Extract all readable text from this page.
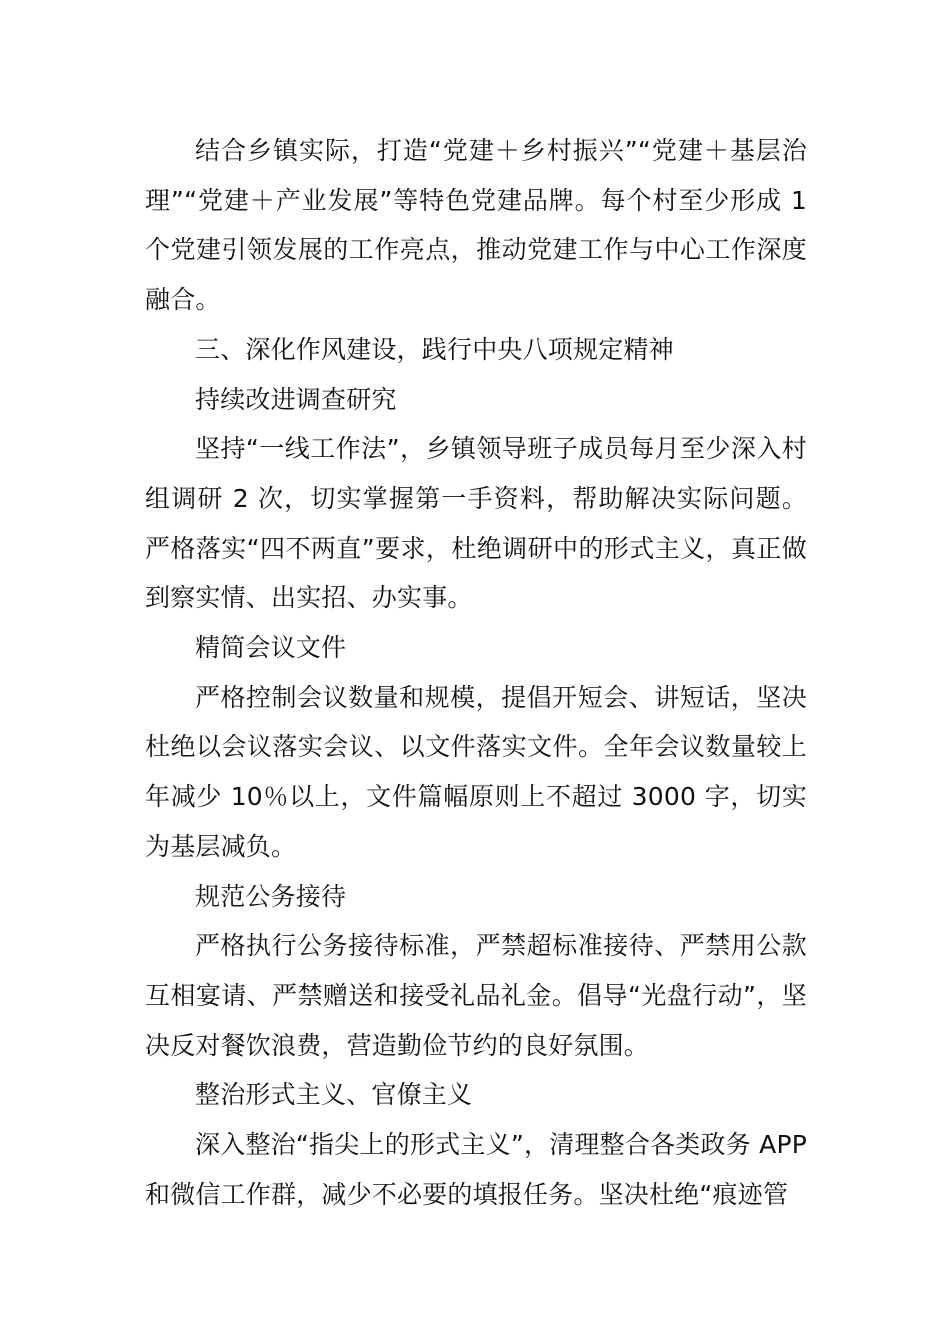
结合乡镇实际，打造“党建＋乡村振兴”“党建＋基层治理”“党建＋产业发展”等特色党建品牌。每个村至少形成 1 个党建引领发展的工作亮点，推动党建工作与中心工作深度融合。

三、深化作风建设，践行中央八项规定精神

持续改进调查研究

坚持“一线工作法”，乡镇领导班子成员每月至少深入村组调研 2 次，切实掌握第一手资料，帮助解决实际问题。严格落实“四不两直”要求，杜绝调研中的形式主义，真正做到察实情、出实招、办实事。

精简会议文件

严格控制会议数量和规模，提倡开短会、讲短话，坚决杜绝以会议落实会议、以文件落实文件。全年会议数量较上年减少 10％以上，文件篇幅原则上不超过 3000 字，切实为基层减负。

规范公务接待

严格执行公务接待标准，严禁超标准接待、严禁用公款互相宴请、严禁赠送和接受礼品礼金。倡导“光盘行动”，坚决反对餐饮浪费，营造勤俭节约的良好氛围。

整治形式主义、官僚主义

深入整治“指尖上的形式主义”，清理整合各类政务 APP 和微信工作群，减少不必要的填报任务。坚决杜绝“痕迹管
